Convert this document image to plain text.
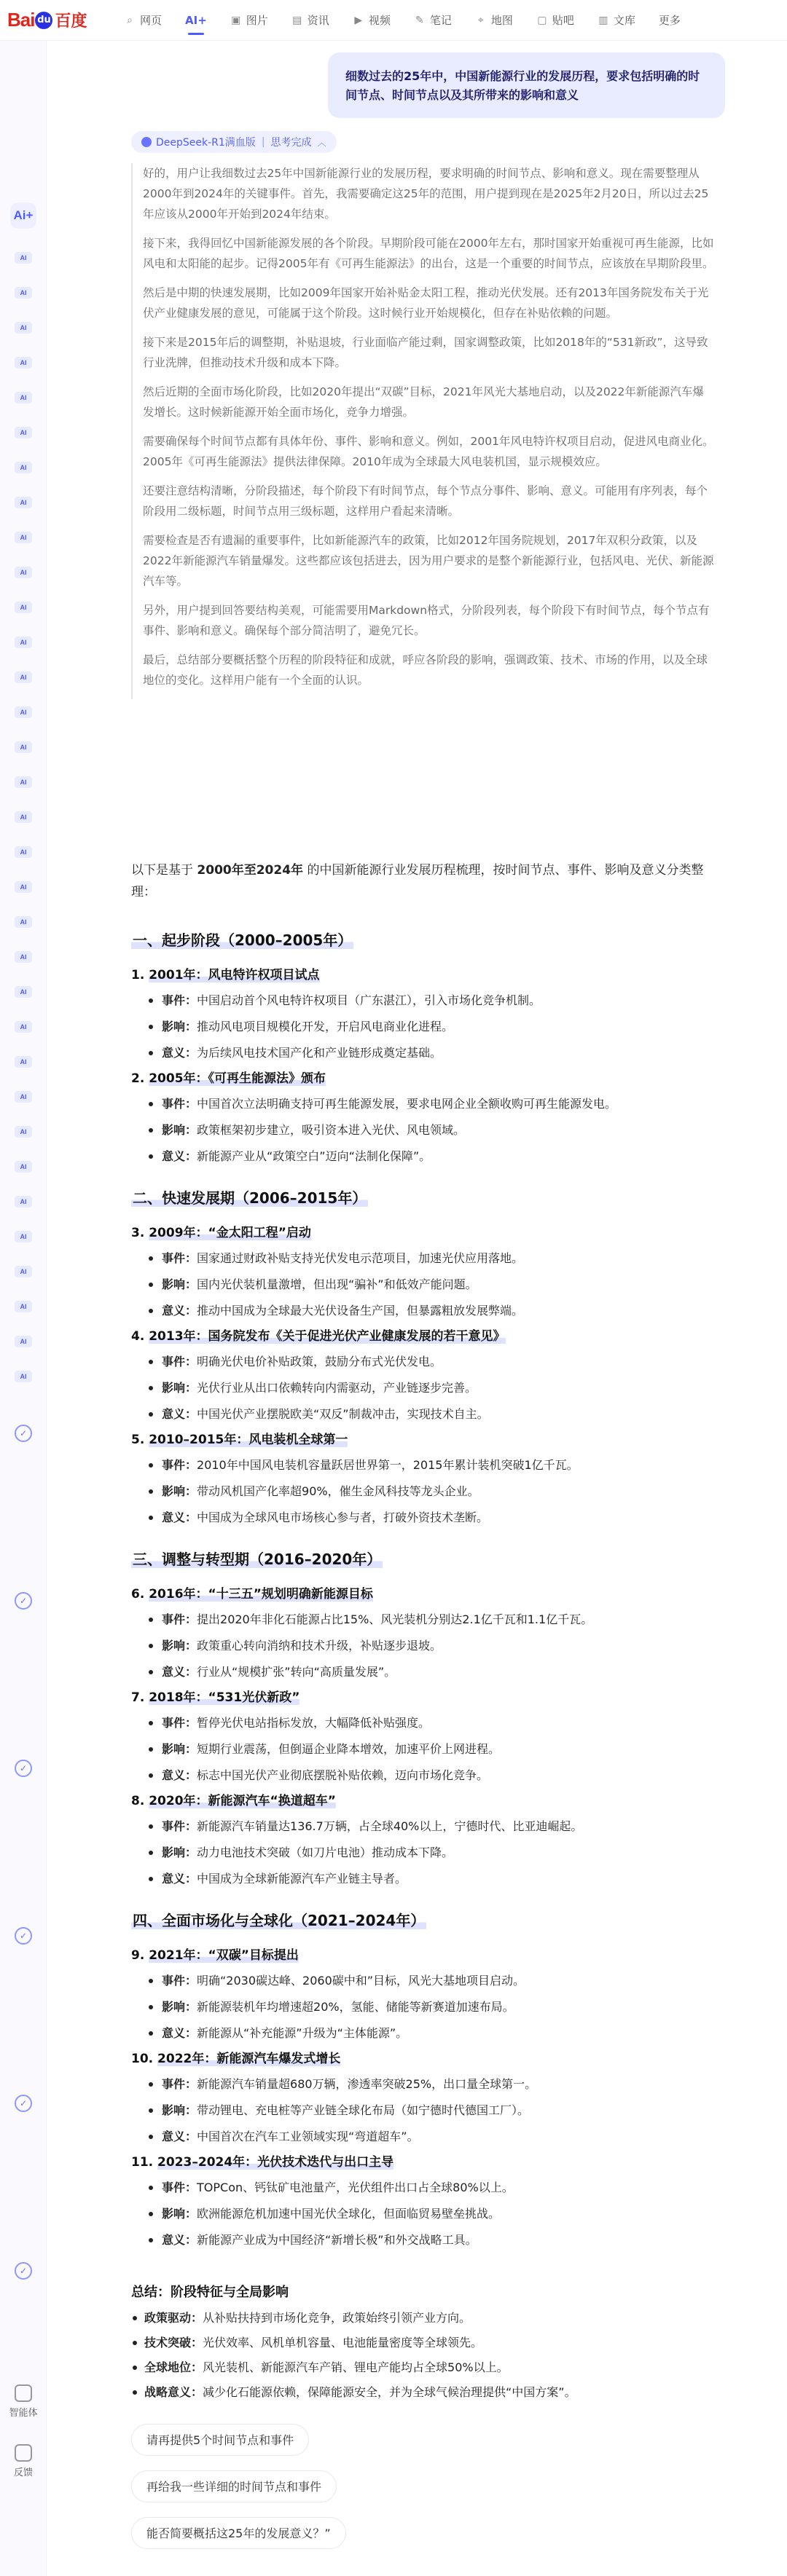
Bai du 百度	⌕ 网页 AI+ ▣ 图片 ▤ 资讯 ▶ 视频 ✎ 笔记	⌖ 地图 ▢ 贴吧 ▥ 文库 更多
Ai+
AI
AI
AI
AI
AI
AI
AI
AI
AI
AI
AI
AI
AI
AI
AI
AI
AI
AI
AI
AI
AI
AI
AI
AI
AI
AI
AI
AI
AI
AI
AI
AI
AI
✓
✓
✓
✓
✓
✓
智能体
反馈
细数过去的25年中，中国新能源行业的发展历程，要求包括明确的时间节点、时间节点以及其所带来的影响和意义
DeepSeek-R1满血版 | 思考完成 ︿

好的，用户让我细数过去25年中国新能源行业的发展历程，要求明确的时间节点、影响和意义。现在需要整理从2000年到2024年的关键事件。首先，我需要确定这25年的范围，用户提到现在是2025年2月20日，所以过去25年应该从2000年开始到2024年结束。

接下来，我得回忆中国新能源发展的各个阶段。早期阶段可能在2000年左右，那时国家开始重视可再生能源，比如风电和太阳能的起步。记得2005年有《可再生能源法》的出台，这是一个重要的时间节点，应该放在早期阶段里。

然后是中期的快速发展期，比如2009年国家开始补贴金太阳工程，推动光伏发展。还有2013年国务院发布关于光伏产业健康发展的意见，可能属于这个阶段。这时候行业开始规模化，但存在补贴依赖的问题。

接下来是2015年后的调整期，补贴退坡，行业面临产能过剩，国家调整政策，比如2018年的“531新政”，这导致行业洗牌，但推动技术升级和成本下降。

然后近期的全面市场化阶段，比如2020年提出“双碳”目标，2021年风光大基地启动，以及2022年新能源汽车爆发增长。这时候新能源开始全面市场化，竞争力增强。

需要确保每个时间节点都有具体年份、事件、影响和意义。例如，2001年风电特许权项目启动，促进风电商业化。2005年《可再生能源法》提供法律保障。2010年成为全球最大风电装机国，显示规模效应。

还要注意结构清晰，分阶段描述，每个阶段下有时间节点，每个节点分事件、影响、意义。可能用有序列表，每个阶段用二级标题，时间节点用三级标题，这样用户看起来清晰。

需要检查是否有遗漏的重要事件，比如新能源汽车的政策，比如2012年国务院规划，2017年双积分政策，以及2022年新能源汽车销量爆发。这些都应该包括进去，因为用户要求的是整个新能源行业，包括风电、光伏、新能源汽车等。

另外，用户提到回答要结构美观，可能需要用Markdown格式，分阶段列表，每个阶段下有时间节点，每个节点有事件、影响和意义。确保每个部分简洁明了，避免冗长。

最后，总结部分要概括整个历程的阶段特征和成就，呼应各阶段的影响，强调政策、技术、市场的作用，以及全球地位的变化。这样用户能有一个全面的认识。

以下是基于 2000年至2024年 的中国新能源行业发展历程梳理，按时间节点、事件、影响及意义分类整理：
一、起步阶段（2000–2005年）
1. 2001年：风电特许权项目试点
事件：中国启动首个风电特许权项目（广东湛江），引入市场化竞争机制。
影响：推动风电项目规模化开发，开启风电商业化进程。
意义：为后续风电技术国产化和产业链形成奠定基础。
2. 2005年：《可再生能源法》颁布
事件：中国首次立法明确支持可再生能源发展，要求电网企业全额收购可再生能源发电。
影响：政策框架初步建立，吸引资本进入光伏、风电领域。
意义：新能源产业从“政策空白”迈向“法制化保障”。
二、快速发展期（2006–2015年）
3. 2009年：“金太阳工程”启动
事件：国家通过财政补贴支持光伏发电示范项目，加速光伏应用落地。
影响：国内光伏装机量激增，但出现“骗补”和低效产能问题。
意义：推动中国成为全球最大光伏设备生产国，但暴露粗放发展弊端。
4. 2013年：国务院发布《关于促进光伏产业健康发展的若干意见》
事件：明确光伏电价补贴政策，鼓励分布式光伏发电。
影响：光伏行业从出口依赖转向内需驱动，产业链逐步完善。
意义：中国光伏产业摆脱欧美“双反”制裁冲击，实现技术自主。
5. 2010–2015年：风电装机全球第一
事件：2010年中国风电装机容量跃居世界第一，2015年累计装机突破1亿千瓦。
影响：带动风机国产化率超90%，催生金风科技等龙头企业。
意义：中国成为全球风电市场核心参与者，打破外资技术垄断。
三、调整与转型期（2016–2020年）
6. 2016年：“十三五”规划明确新能源目标
事件：提出2020年非化石能源占比15%、风光装机分别达2.1亿千瓦和1.1亿千瓦。
影响：政策重心转向消纳和技术升级，补贴逐步退坡。
意义：行业从“规模扩张”转向“高质量发展”。
7. 2018年：“531光伏新政”
事件：暂停光伏电站指标发放，大幅降低补贴强度。
影响：短期行业震荡，但倒逼企业降本增效，加速平价上网进程。
意义：标志中国光伏产业彻底摆脱补贴依赖，迈向市场化竞争。
8. 2020年：新能源汽车“换道超车”
事件：新能源汽车销量达136.7万辆，占全球40%以上，宁德时代、比亚迪崛起。
影响：动力电池技术突破（如刀片电池）推动成本下降。
意义：中国成为全球新能源汽车产业链主导者。
四、全面市场化与全球化（2021–2024年）
9. 2021年：“双碳”目标提出
事件：明确“2030碳达峰、2060碳中和”目标，风光大基地项目启动。
影响：新能源装机年均增速超20%，氢能、储能等新赛道加速布局。
意义：新能源从“补充能源”升级为“主体能源”。
10. 2022年：新能源汽车爆发式增长
事件：新能源汽车销量超680万辆，渗透率突破25%，出口量全球第一。
影响：带动锂电、充电桩等产业链全球化布局（如宁德时代德国工厂）。
意义：中国首次在汽车工业领域实现“弯道超车”。
11. 2023–2024年：光伏技术迭代与出口主导
事件：TOPCon、钙钛矿电池量产，光伏组件出口占全球80%以上。
影响：欧洲能源危机加速中国光伏全球化，但面临贸易壁垒挑战。
意义：新能源产业成为中国经济“新增长极”和外交战略工具。
总结：阶段特征与全局影响
政策驱动：从补贴扶持到市场化竞争，政策始终引领产业方向。
技术突破：光伏效率、风机单机容量、电池能量密度等全球领先。
全球地位：风光装机、新能源汽车产销、锂电产能均占全球50%以上。
战略意义：减少化石能源依赖，保障能源安全，并为全球气候治理提供“中国方案”。
请再提供5个时间节点和事件
再给我一些详细的时间节点和事件
能否简要概括这25年的发展意义？”
